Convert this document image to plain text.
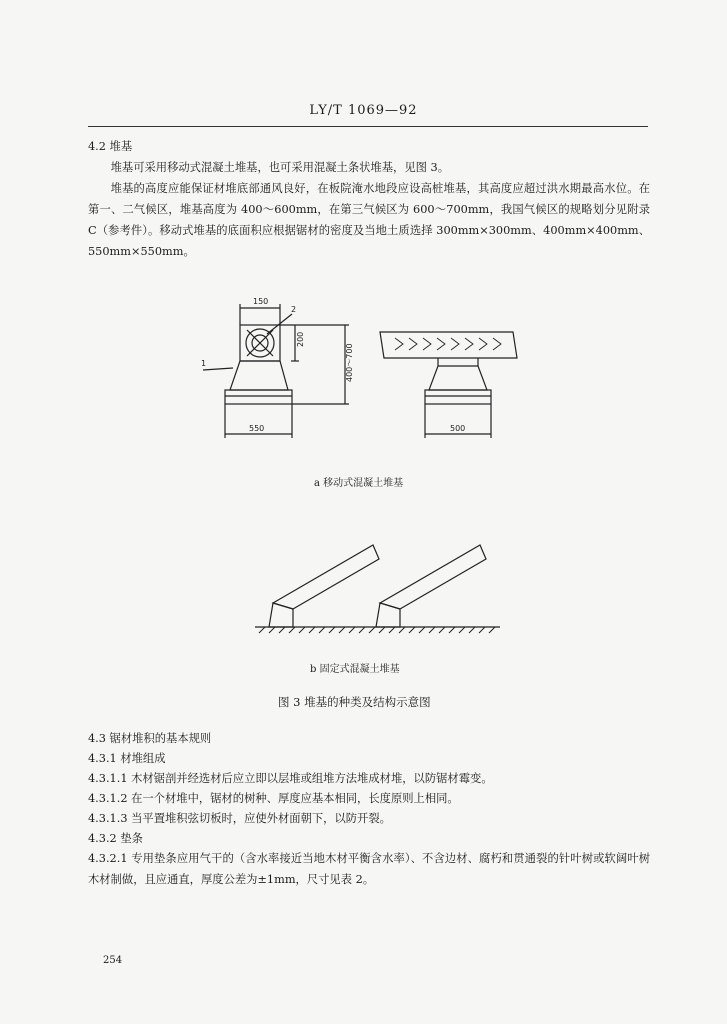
LY/T 1069—92
4.2 堆基
堆基可采用移动式混凝土堆基，也可采用混凝土条状堆基，见图 3。
堆基的高度应能保证材堆底部通风良好，在板院淹水地段应设高桩堆基，其高度应超过洪水期最高水位。在第一、二气候区，堆基高度为 400～600mm，在第三气候区为 600～700mm，我国气候区的规略划分见附录 C（参考件）。移动式堆基的底面积应根据锯材的密度及当地土质选择 300mm×300mm、400mm×400mm、550mm×550mm。
150
2
1
200
400～700
550	500
a 移动式混凝土堆基
b 固定式混凝土堆基
图 3 堆基的种类及结构示意图
4.3 锯材堆积的基本规则
4.3.1 材堆组成
4.3.1.1 木材锯剖并经选材后应立即以层堆或组堆方法堆成材堆，以防锯材霉变。
4.3.1.2 在一个材堆中，锯材的树种、厚度应基本相同，长度原则上相同。
4.3.1.3 当平置堆积弦切板时，应使外材面朝下，以防开裂。
4.3.2 垫条
4.3.2.1 专用垫条应用气干的（含水率接近当地木材平衡含水率）、不含边材、腐朽和贯通裂的针叶树或软阔叶树木材制做，且应通直，厚度公差为±1mm，尺寸见表 2。
254
